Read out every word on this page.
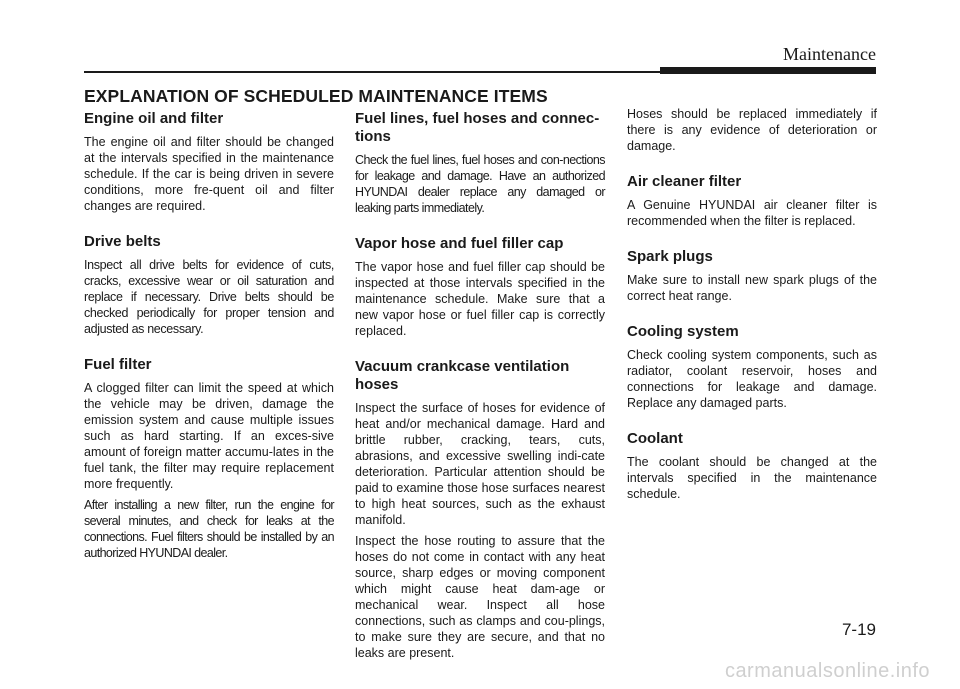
Maintenance
EXPLANATION OF SCHEDULED MAINTENANCE ITEMS
Engine oil and filter

The engine oil and filter should be changed at the intervals specified in the maintenance schedule. If the car is being driven in severe conditions, more fre-quent oil and filter changes are required.

Drive belts

Inspect all drive belts for evidence of cuts, cracks, excessive wear or oil saturation and replace if necessary. Drive belts should be checked periodically for proper tension and adjusted as necessary.

Fuel filter

A clogged filter can limit the speed at which the vehicle may be driven, damage the emission system and cause multiple issues such as hard starting. If an exces-sive amount of foreign matter accumu-lates in the fuel tank, the filter may require replacement more frequently.

After installing a new filter, run the engine for several minutes, and check for leaks at the connections. Fuel filters should be installed by an authorized HYUNDAI dealer.

Fuel lines, fuel hoses and connec-tions

Check the fuel lines, fuel hoses and con-nections for leakage and damage. Have an authorized HYUNDAI dealer replace any damaged or leaking parts immediately.

Vapor hose and fuel filler cap

The vapor hose and fuel filler cap should be inspected at those intervals specified in the maintenance schedule. Make sure that a new vapor hose or fuel filler cap is correctly replaced.

Vacuum crankcase ventilation hoses

Inspect the surface of hoses for evidence of heat and/or mechanical damage. Hard and brittle rubber, cracking, tears, cuts, abrasions, and excessive swelling indi-cate deterioration. Particular attention should be paid to examine those hose surfaces nearest to high heat sources, such as the exhaust manifold.

Inspect the hose routing to assure that the hoses do not come in contact with any heat source, sharp edges or moving component which might cause heat dam-age or mechanical wear. Inspect all hose connections, such as clamps and cou-plings, to make sure they are secure, and that no leaks are present.

Hoses should be replaced immediately if there is any evidence of deterioration or damage.

Air cleaner filter

A Genuine HYUNDAI air cleaner filter is recommended when the filter is replaced.

Spark plugs

Make sure to install new spark plugs of the correct heat range.

Cooling system

Check cooling system components, such as radiator, coolant reservoir, hoses and connections for leakage and damage. Replace any damaged parts.

Coolant

The coolant should be changed at the intervals specified in the maintenance schedule.

7-19
carmanualsonline.info
